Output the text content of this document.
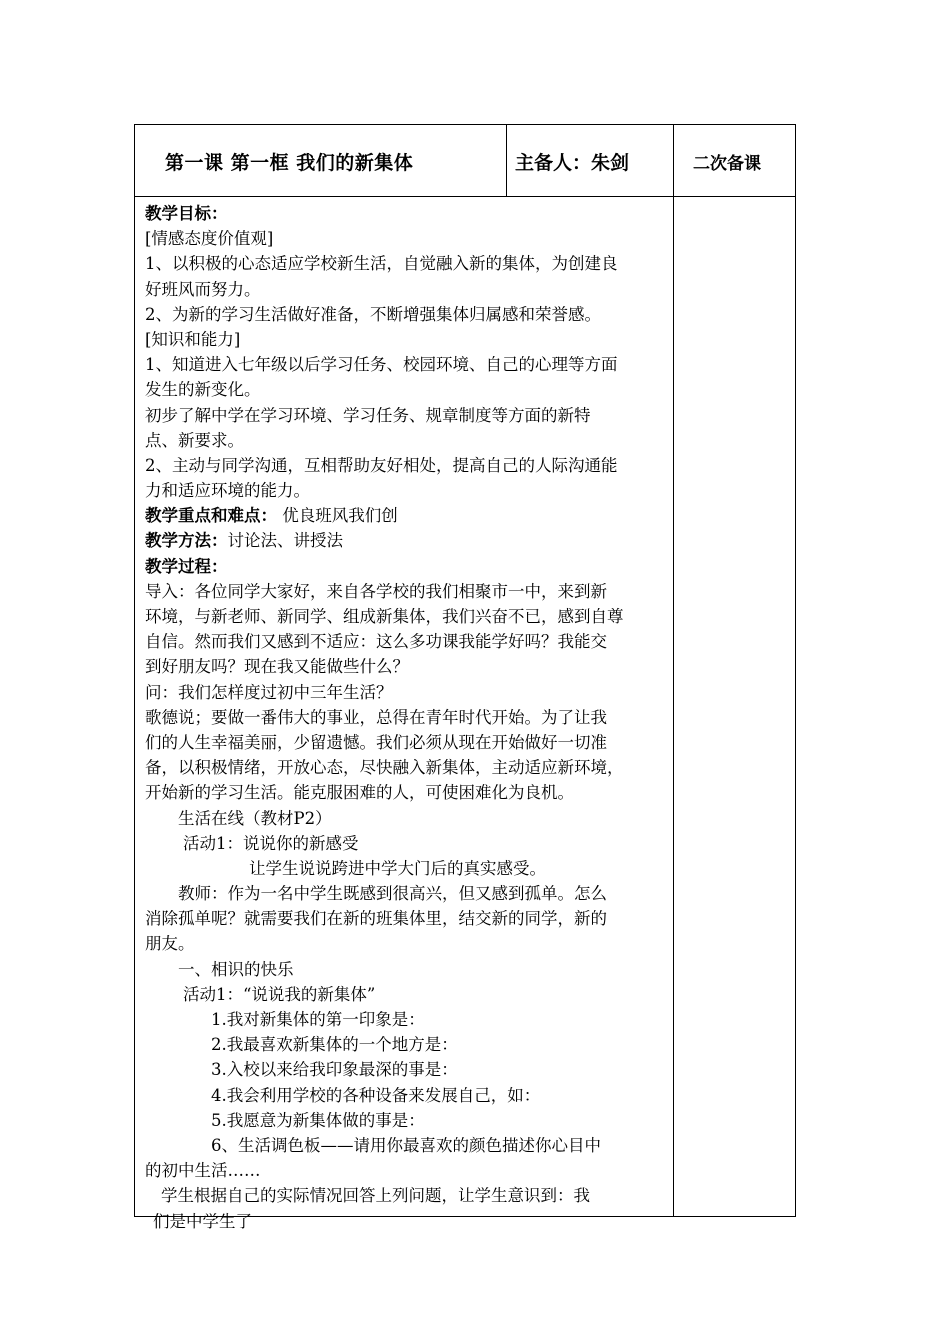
第一课 第一框 我们的新集体	主备人：朱剑	二次备课
教学目标：
[情感态度价值观]
1、以积极的心态适应学校新生活，自觉融入新的集体，为创建良
好班风而努力。
2、为新的学习生活做好准备，不断增强集体归属感和荣誉感。
[知识和能力]
1、知道进入七年级以后学习任务、校园环境、自己的心理等方面
发生的新变化。
初步了解中学在学习环境、学习任务、规章制度等方面的新特
点、新要求。
2、主动与同学沟通，互相帮助友好相处，提高自己的人际沟通能
力和适应环境的能力。
教学重点和难点： 优良班风我们创
教学方法：讨论法、讲授法
教学过程：
导入：各位同学大家好，来自各学校的我们相聚市一中，来到新
环境，与新老师、新同学、组成新集体，我们兴奋不已，感到自尊
自信。然而我们又感到不适应：这么多功课我能学好吗？我能交
到好朋友吗？现在我又能做些什么？
问：我们怎样度过初中三年生活？
歌德说；要做一番伟大的事业，总得在青年时代开始。为了让我
们的人生幸福美丽，少留遗憾。我们必须从现在开始做好一切准
备，以积极情绪，开放心态，尽快融入新集体，主动适应新环境，
开始新的学习生活。能克服困难的人，可使困难化为良机。
生活在线（教材P2）
活动1：说说你的新感受
让学生说说跨进中学大门后的真实感受。
教师：作为一名中学生既感到很高兴，但又感到孤单。怎么
消除孤单呢？就需要我们在新的班集体里，结交新的同学，新的
朋友。
一、相识的快乐
活动1：“说说我的新集体”
1.我对新集体的第一印象是：
2.我最喜欢新集体的一个地方是：
3.入校以来给我印象最深的事是：
4.我会利用学校的各种设备来发展自己，如：
5.我愿意为新集体做的事是：
6、生活调色板——请用你最喜欢的颜色描述你心目中
的初中生活……
学生根据自己的实际情况回答上列问题，让学生意识到：我
们是中学生了
